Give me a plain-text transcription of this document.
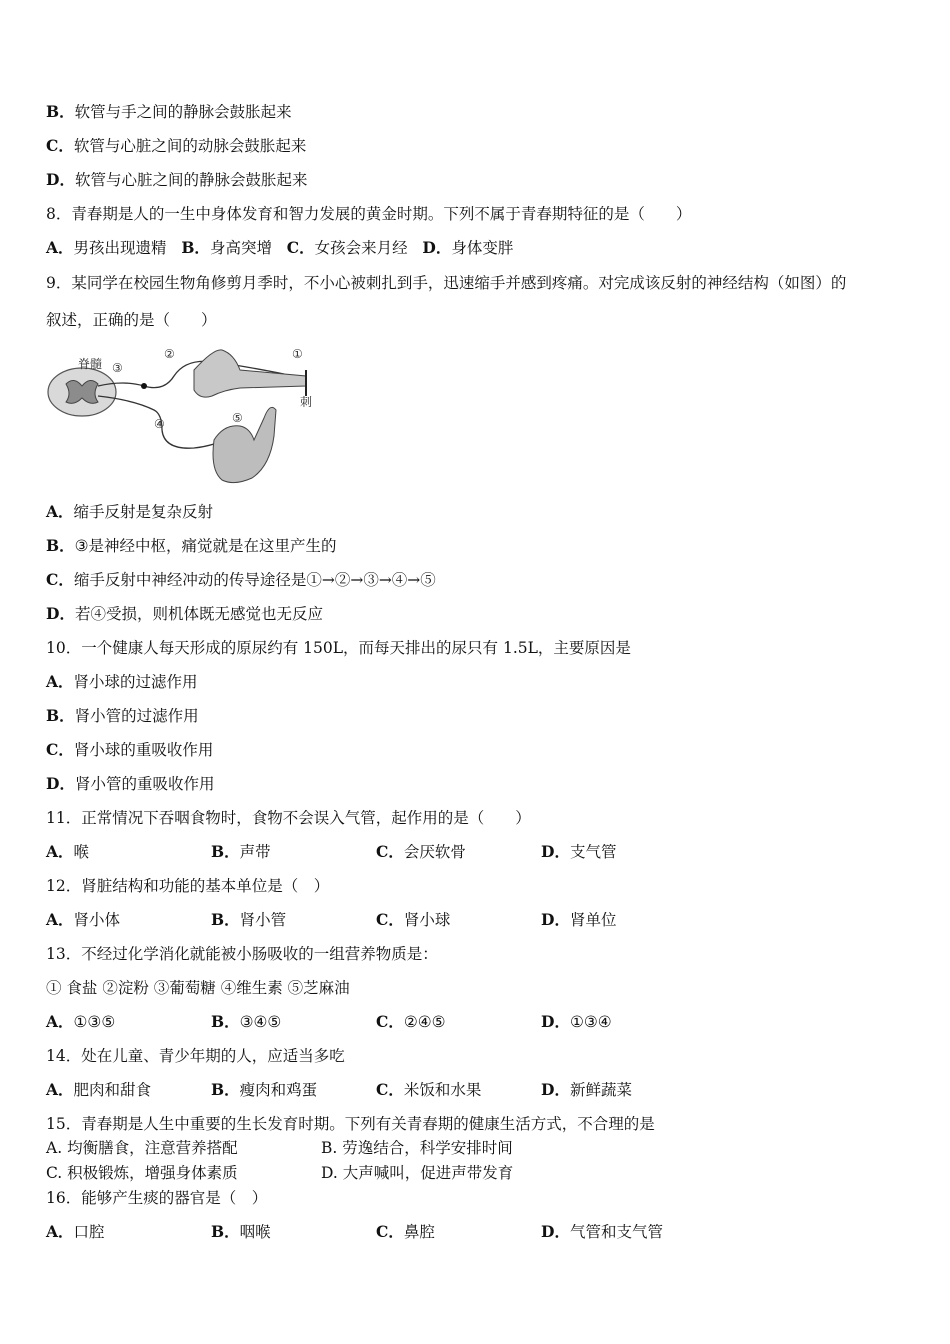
B．软管与手之间的静脉会鼓胀起来
C．软管与心脏之间的动脉会鼓胀起来
D．软管与心脏之间的静脉会鼓胀起来
8．青春期是人的一生中身体发育和智力发展的黄金时期。下列不属于青春期特征的是（　　）
A．男孩出现遗精 B．身高突增 C．女孩会来月经 D．身体变胖
9．某同学在校园生物角修剪月季时，不小心被刺扎到手，迅速缩手并感到疼痛。对完成该反射的神经结构（如图）的
叙述，正确的是（　　）
脊髓 ③
②	①
刺
④	⑤
A．缩手反射是复杂反射
B．③是神经中枢，痛觉就是在这里产生的
C．缩手反射中神经冲动的传导途径是①→②→③→④→⑤
D．若④受损，则机体既无感觉也无反应
10．一个健康人每天形成的原尿约有 150L，而每天排出的尿只有 1.5L，主要原因是
A．肾小球的过滤作用
B．肾小管的过滤作用
C．肾小球的重吸收作用
D．肾小管的重吸收作用
11．正常情况下吞咽食物时，食物不会误入气管，起作用的是（　　）
A．喉	B．声带	C．会厌软骨	D．支气管
12．肾脏结构和功能的基本单位是（　）
A．肾小体	B．肾小管	C．肾小球	D．肾单位
13．不经过化学消化就能被小肠吸收的一组营养物质是：
① 食盐 ②淀粉 ③葡萄糖 ④维生素 ⑤芝麻油
A．①③⑤	B．③④⑤	C．②④⑤	D．①③④
14．处在儿童、青少年期的人，应适当多吃
A．肥肉和甜食	B．瘦肉和鸡蛋	C．米饭和水果	D．新鲜蔬菜
15．青春期是人生中重要的生长发育时期。下列有关青春期的健康生活方式，不合理的是
A. 均衡膳食，注意营养搭配	B. 劳逸结合，科学安排时间
C. 积极锻炼，增强身体素质	D. 大声喊叫，促进声带发育
16．能够产生痰的器官是（　）
A．口腔	B．咽喉	C．鼻腔	D．气管和支气管
